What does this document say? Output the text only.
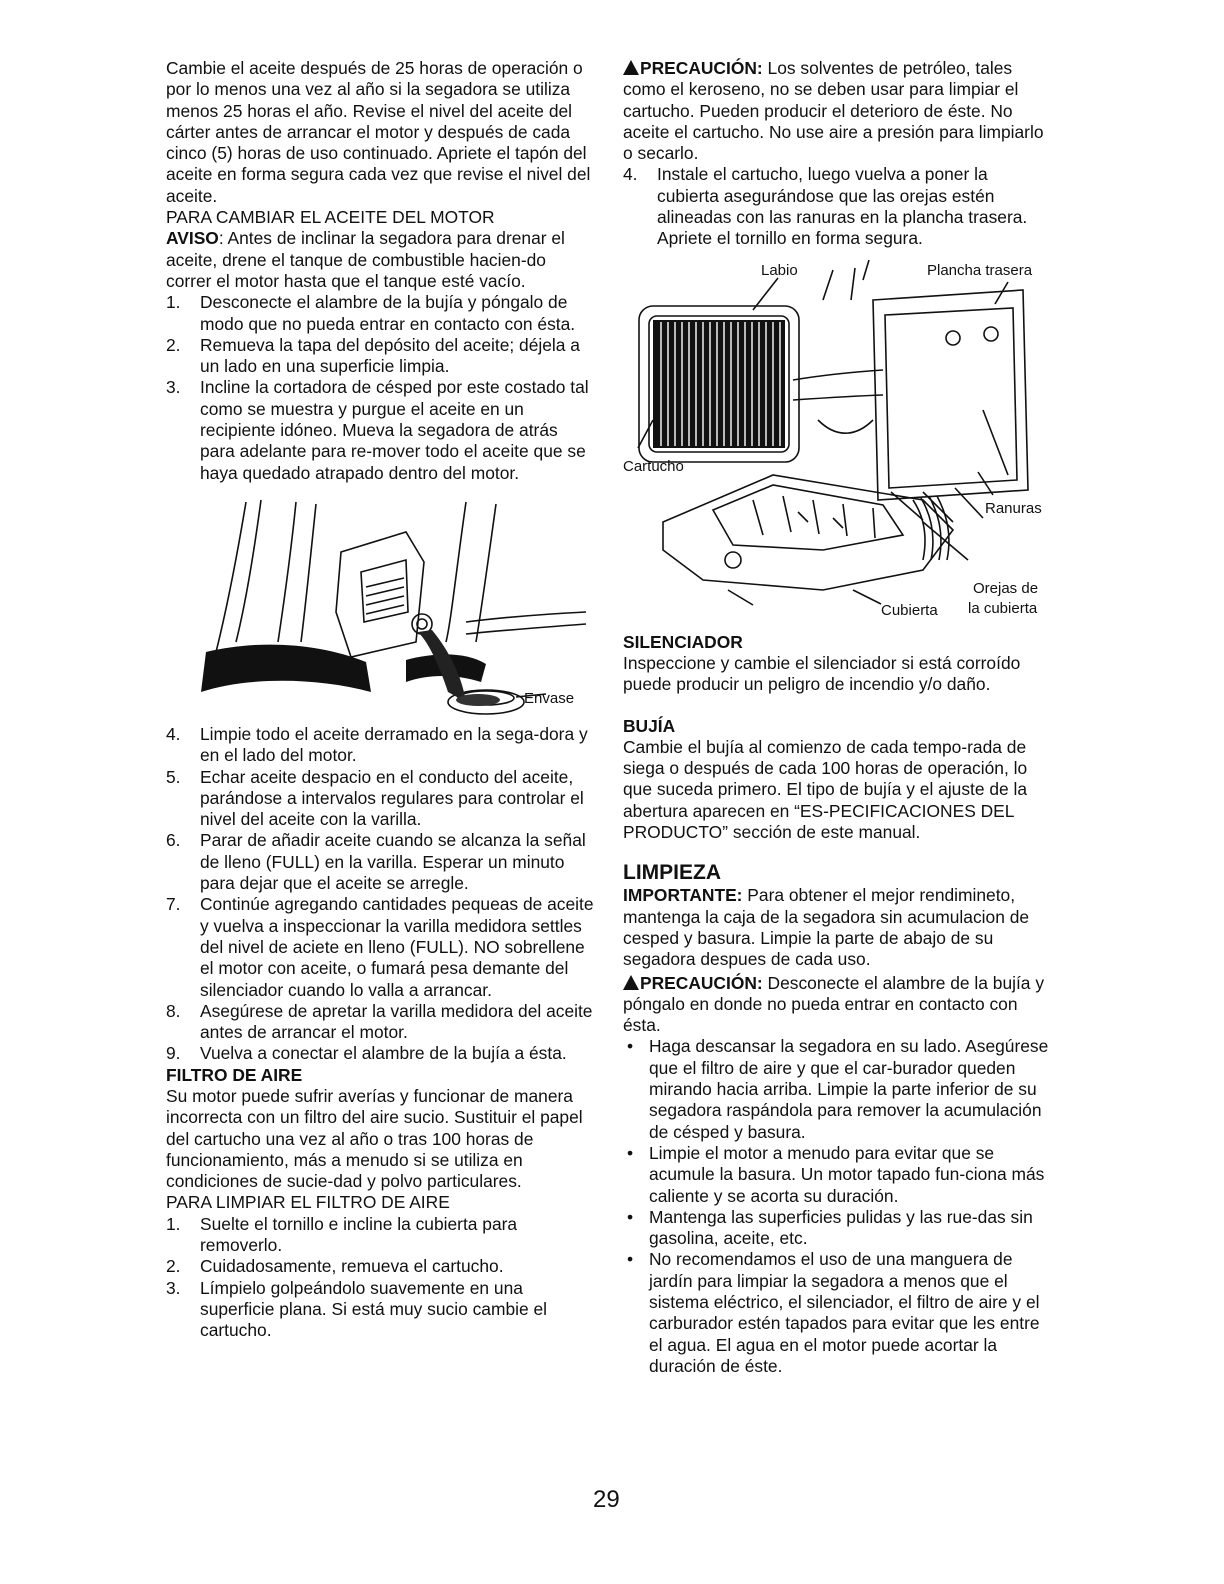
Cambie el aceite después de 25 horas de operación o por lo menos una vez al año si la segadora se utiliza menos 25 horas el año. Revise el nivel del aceite del cárter antes de arrancar el motor y después de cada cinco (5) horas de uso continuado. Apriete el tapón del aceite en forma segura cada vez que revise el nivel del aceite.

PARA CAMBIAR EL ACEITE DEL MOTOR

AVISO: Antes de inclinar la segadora para drenar el aceite, drene el tanque de combustible hacien-do correr el motor hasta que el tanque esté vacío.

1. Desconecte el alambre de la bujía y póngalo de modo que no pueda entrar en contacto con ésta.
2. Remueva la tapa del depósito del aceite; déjela a un lado en una superficie limpia.
3. Incline la cortadora de césped por este costado tal como se muestra y purgue el aceite en un recipiente idóneo. Mueva la segadora de atrás para adelante para re-mover todo el aceite que se haya quedado atrapado dentro del motor.
Envase
4. Limpie todo el aceite derramado en la sega-dora y en el lado del motor.
5. Echar aceite despacio en el conducto del aceite, parándose a intervalos regulares para controlar el nivel del aceite con la varilla.
6. Parar de añadir aceite cuando se alcanza la señal de lleno (FULL) en la varilla. Esperar un minuto para dejar que el aceite se arregle.
7. Continúe agregando cantidades pequeas de aceite y vuelva a inspeccionar la varilla medidora settles del nivel de aciete en lleno (FULL). NO sobrellene el motor con aceite, o fumará pesa demante del silenciador cuando lo valla a arrancar.
8. Asegúrese de apretar la varilla medidora del aceite antes de arrancar el motor.
9. Vuelva a conectar el alambre de la bujía a ésta.

FILTRO DE AIRE

Su motor puede sufrir averías y funcionar de manera incorrecta con un filtro del aire sucio. Sustituir el papel del cartucho una vez al año o tras 100 horas de funcionamiento, más a menudo si se utiliza en condiciones de sucie-dad y polvo particulares.

PARA LIMPIAR EL FILTRO DE AIRE

1. Suelte el tornillo e incline la cubierta para removerlo.
2. Cuidadosamente, remueva el cartucho.
3. Límpielo golpeándolo suavemente en una superficie plana. Si está muy sucio cambie el cartucho.

PRECAUCIÓN: Los solventes de petróleo, tales como el keroseno, no se deben usar para limpiar el cartucho. Pueden producir el deterioro de éste. No aceite el cartucho. No use aire a presión para limpiarlo o secarlo.

4. Instale el cartucho, luego vuelva a poner la cubierta asegurándose que las orejas estén alineadas con las ranuras en la plancha trasera. Apriete el tornillo en forma segura.
Labio	Plancha trasera
Cartucho
Ranuras
Orejas de
la cubierta
Cubierta

SILENCIADOR

Inspeccione y cambie el silenciador si está corroído puede producir un peligro de incendio y/o daño.

BUJÍA

Cambie el bujía al comienzo de cada tempo-rada de siega o después de cada 100 horas de operación, lo que suceda primero. El tipo de bujía y el ajuste de la abertura aparecen en “ES-PECIFICACIONES DEL PRODUCTO” sección de este manual.

LIMPIEZA

IMPORTANTE: Para obtener el mejor rendimineto, mantenga la caja de la segadora sin acumulacion de cesped y basura. Limpie la parte de abajo de su segadora despues de cada uso.

PRECAUCIÓN: Desconecte el alambre de la bujía y póngalo en donde no pueda entrar en contacto con ésta.

• Haga descansar la segadora en su lado. Asegúrese que el filtro de aire y que el car-burador queden mirando hacia arriba. Limpie la parte inferior de su segadora raspándola para remover la acumulación de césped y basura.
• Limpie el motor a menudo para evitar que se acumule la basura. Un motor tapado fun-ciona más caliente y se acorta su duración.
• Mantenga las superficies pulidas y las rue-das sin gasolina, aceite, etc.
• No recomendamos el uso de una manguera de jardín para limpiar la segadora a menos que el sistema eléctrico, el silenciador, el filtro de aire y el carburador estén tapados para evitar que les entre el agua. El agua en el motor puede acortar la duración de éste.
29
